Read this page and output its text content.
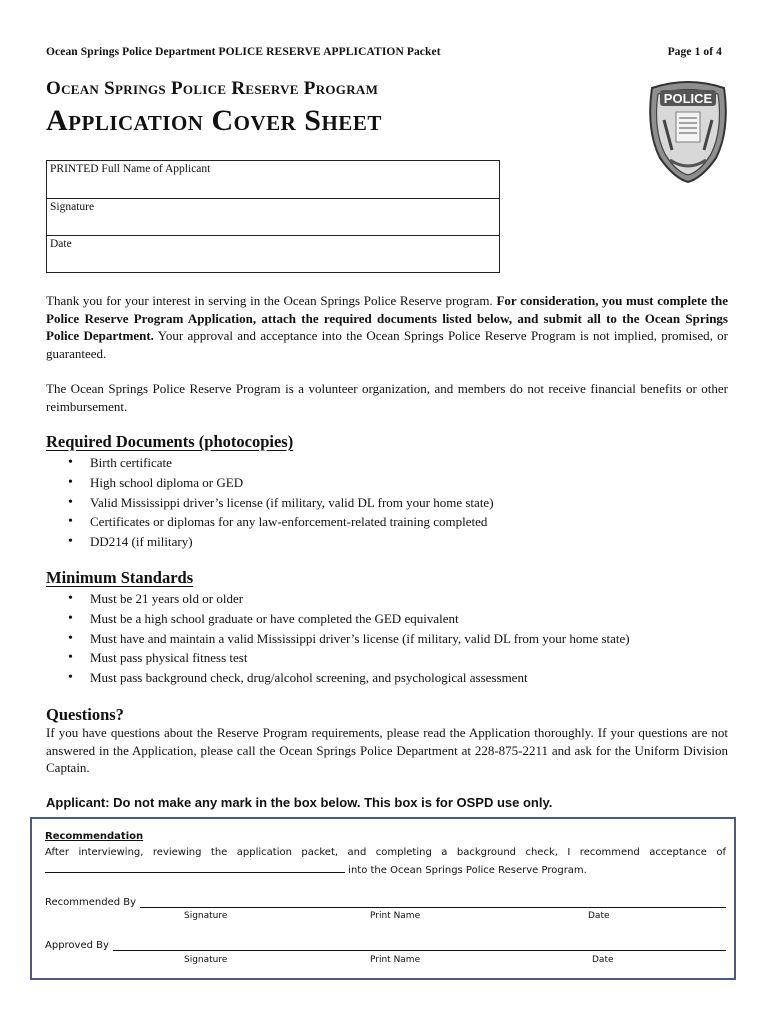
Ocean Springs Police Department POLICE RESERVE APPLICATION Packet	Page 1 of 4
Ocean Springs Police Reserve Program
Application Cover Sheet
POLICE
PRINTED Full Name of Applicant
Signature
Date
Thank you for your interest in serving in the Ocean Springs Police Reserve program. For consideration, you must complete the Police Reserve Program Application, attach the required documents listed below, and submit all to the Ocean Springs Police Department. Your approval and acceptance into the Ocean Springs Police Reserve Program is not implied, promised, or guaranteed.
The Ocean Springs Police Reserve Program is a volunteer organization, and members do not receive financial benefits or other reimbursement.
Required Documents (photocopies)
• Birth certificate
• High school diploma or GED
• Valid Mississippi driver’s license (if military, valid DL from your home state)
• Certificates or diplomas for any law-enforcement-related training completed
• DD214 (if military)
Minimum Standards
• Must be 21 years old or older
• Must be a high school graduate or have completed the GED equivalent
• Must have and maintain a valid Mississippi driver’s license (if military, valid DL from your home state)
• Must pass physical fitness test
• Must pass background check, drug/alcohol screening, and psychological assessment
Questions?
If you have questions about the Reserve Program requirements, please read the Application thoroughly. If your questions are not answered in the Application, please call the Ocean Springs Police Department at 228-875-2211 and ask for the Uniform Division Captain.
Applicant: Do not make any mark in the box below. This box is for OSPD use only.
Recommendation
After interviewing, reviewing the application packet, and completing a background check, I recommend acceptance of
into the Ocean Springs Police Reserve Program.
Recommended By
Signature	Print Name	Date
Approved By
Signature	Print Name	Date
